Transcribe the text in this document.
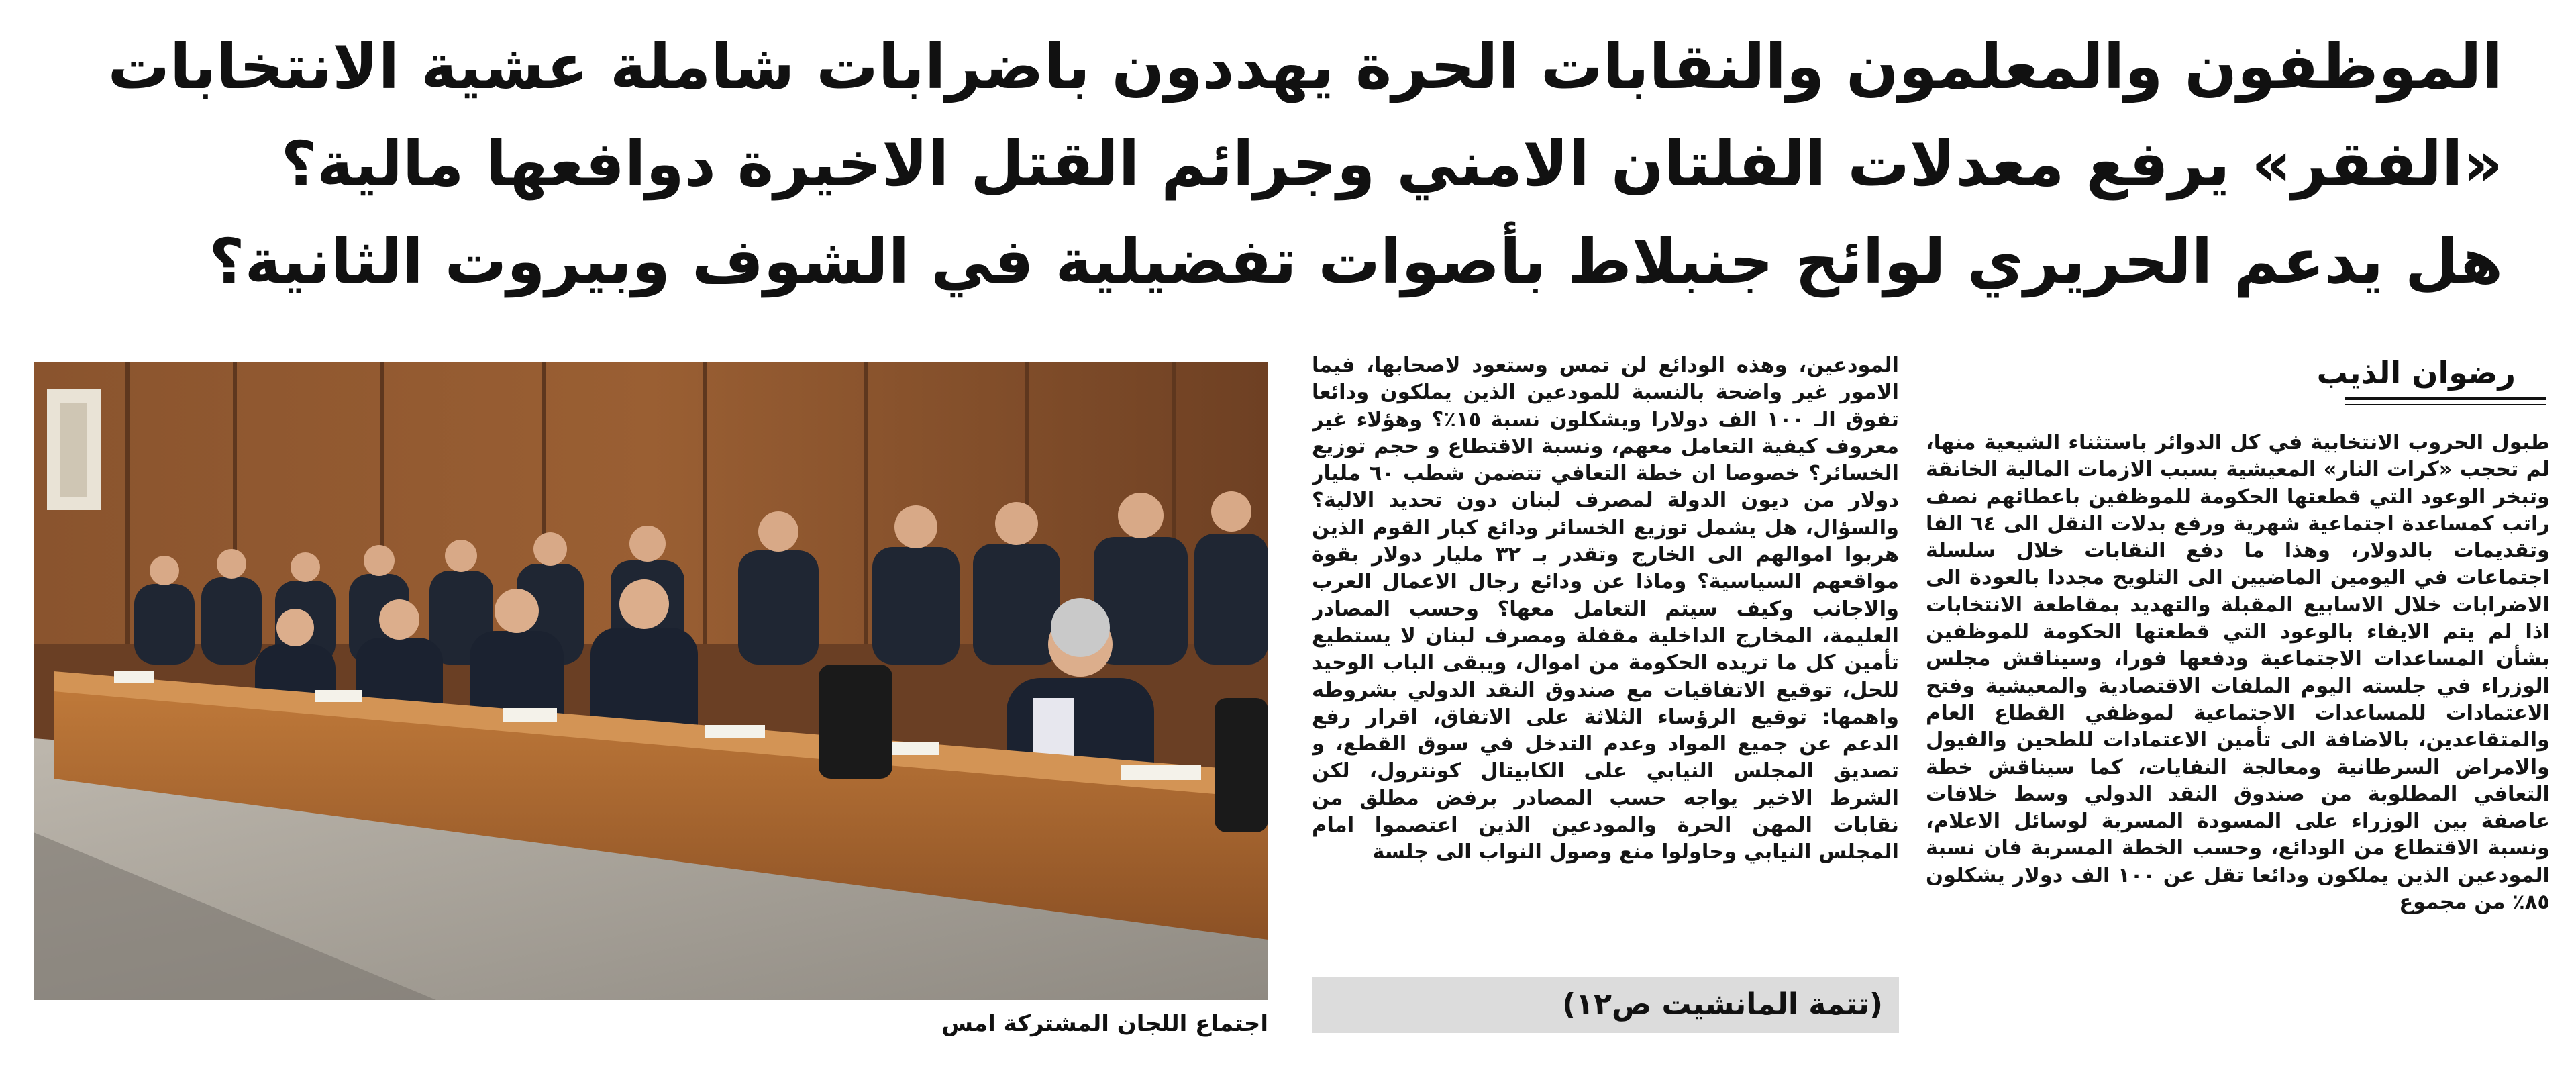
الموظفون والمعلمون والنقابات الحرة يهددون باضرابات شاملة عشية الانتخابات
«الفقر» يرفع معدلات الفلتان الامني وجرائم القتل الاخيرة دوافعها مالية؟
هل يدعم الحريري لوائح جنبلاط بأصوات تفضيلية في الشوف وبيروت الثانية؟
رضوان الذيب
طبول الحروب الانتخابية في كل الدوائر باستثناء الشيعية منها، لم تحجب «كرات النار» المعيشية بسبب الازمات المالية الخانقة وتبخر الوعود التي قطعتها الحكومة للموظفين باعطائهم نصف راتب كمساعدة اجتماعية شهرية ورفع بدلات النقل الى ٦٤ الفا وتقديمات بالدولار، وهذا ما دفع النقابات خلال سلسلة اجتماعات في اليومين الماضيين الى التلويح مجددا بالعودة الى الاضرابات خلال الاسابيع المقبلة والتهديد بمقاطعة الانتخابات اذا لم يتم الايفاء بالوعود التي قطعتها الحكومة للموظفين بشأن المساعدات الاجتماعية ودفعها فورا، وسيناقش مجلس الوزراء في جلسته اليوم الملفات الاقتصادية والمعيشية وفتح الاعتمادات للمساعدات الاجتماعية لموظفي القطاع العام والمتقاعدين، بالاضافة الى تأمين الاعتمادات للطحين والفيول والامراض السرطانية ومعالجة النفايات، كما سيناقش خطة التعافي المطلوبة من صندوق النقد الدولي وسط خلافات عاصفة بين الوزراء على المسودة المسربة لوسائل الاعلام، ونسبة الاقتطاع من الودائع، وحسب الخطة المسربة فان نسبة المودعين الذين يملكون ودائعا تقل عن ١٠٠ الف دولار يشكلون ٨٥٪ من مجموع
المودعين، وهذه الودائع لن تمس وستعود لاصحابها، فيما الامور غير واضحة بالنسبة للمودعين الذين يملكون ودائعا تفوق الـ ١٠٠ الف دولارا ويشكلون نسبة ١٥٪؟ وهؤلاء غير معروف كيفية التعامل معهم، ونسبة الاقتطاع و حجم توزيع الخسائر؟ خصوصا ان خطة التعافي تتضمن شطب ٦٠ مليار دولار من ديون الدولة لمصرف لبنان دون تحديد الالية؟ والسؤال، هل يشمل توزيع الخسائر ودائع كبار القوم الذين هربوا اموالهم الى الخارج وتقدر بـ ٣٢ مليار دولار بقوة مواقعهم السياسية؟ وماذا عن ودائع رجال الاعمال العرب والاجانب وكيف سيتم التعامل معها؟ وحسب المصادر العليمة، المخارج الداخلية مقفلة ومصرف لبنان لا يستطيع تأمين كل ما تريده الحكومة من اموال، ويبقى الباب الوحيد للحل، توقيع الاتفاقيات مع صندوق النقد الدولي بشروطه واهمها: توقيع الرؤساء الثلاثة على الاتفاق، اقرار رفع الدعم عن جميع المواد وعدم التدخل في سوق القطع، و تصديق المجلس النيابي على الكابيتال كونترول، لكن الشرط الاخير يواجه حسب المصادر برفض مطلق من نقابات المهن الحرة والمودعين الذين اعتصموا امام المجلس النيابي وحاولوا منع وصول النواب الى جلسة
(تتمة المانشيت ص١٢)
اجتماع اللجان المشتركة امس
